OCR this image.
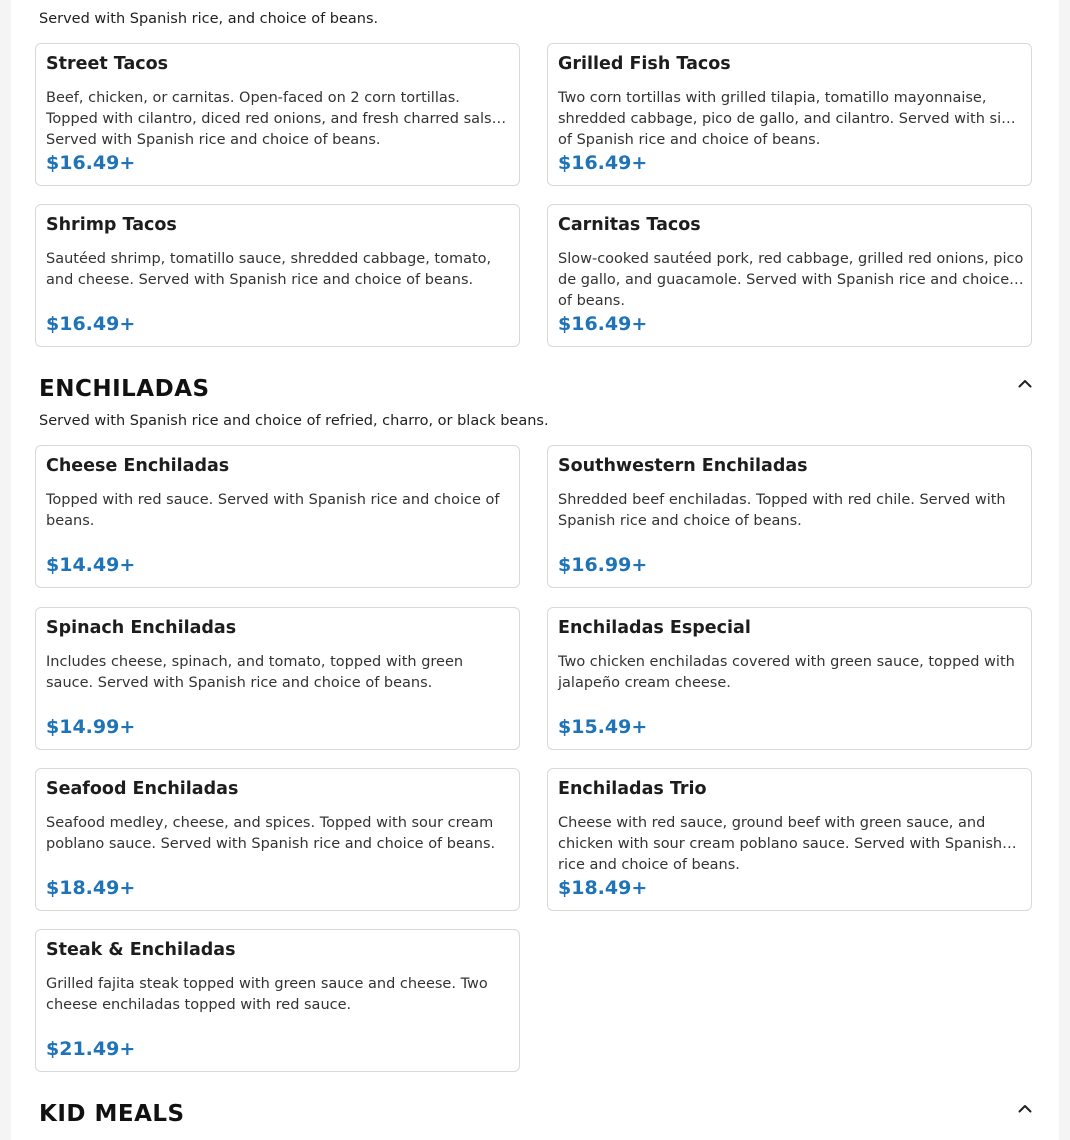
Served with Spanish rice, and choice of beans.
Street Tacos
Beef, chicken, or carnitas. Open-faced on 2 corn tortillas. Topped with cilantro, diced red onions, and fresh charred salsa. Served with Spanish rice and choice of beans.
$16.49+
Grilled Fish Tacos
Two corn tortillas with grilled tilapia, tomatillo mayonnaise, shredded cabbage, pico de gallo, and cilantro. Served with side of Spanish rice and choice of beans.
$16.49+
Shrimp Tacos
Sautéed shrimp, tomatillo sauce, shredded cabbage, tomato, and cheese. Served with Spanish rice and choice of beans.
$16.49+
Carnitas Tacos
Slow-cooked sautéed pork, red cabbage, grilled red onions, pico de gallo, and guacamole. Served with Spanish rice and choice of beans.
$16.49+
ENCHILADAS
Served with Spanish rice and choice of refried, charro, or black beans.
Cheese Enchiladas
Topped with red sauce. Served with Spanish rice and choice of beans.
$14.49+
Southwestern Enchiladas
Shredded beef enchiladas. Topped with red chile. Served with Spanish rice and choice of beans.
$16.99+
Spinach Enchiladas
Includes cheese, spinach, and tomato, topped with green sauce. Served with Spanish rice and choice of beans.
$14.99+
Enchiladas Especial
Two chicken enchiladas covered with green sauce, topped with jalapeño cream cheese.
$15.49+
Seafood Enchiladas
Seafood medley, cheese, and spices. Topped with sour cream poblano sauce. Served with Spanish rice and choice of beans.
$18.49+
Enchiladas Trio
Cheese with red sauce, ground beef with green sauce, and chicken with sour cream poblano sauce. Served with Spanish rice and choice of beans.
$18.49+
Steak & Enchiladas
Grilled fajita steak topped with green sauce and cheese. Two cheese enchiladas topped with red sauce.
$21.49+
KID MEALS
